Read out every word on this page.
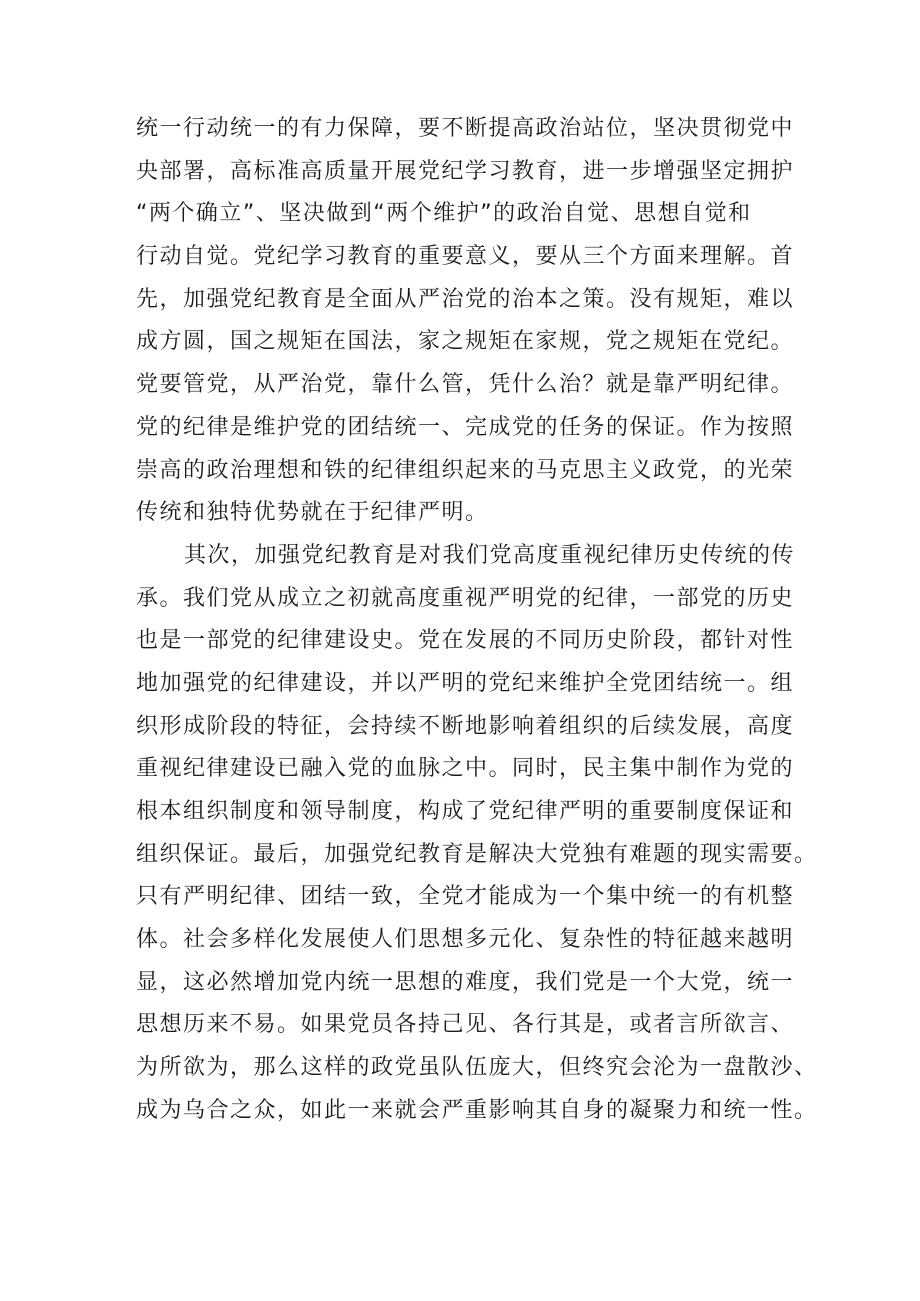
统一行动统一的有力保障，要不断提高政治站位，坚决贯彻党中
央部署，高标准高质量开展党纪学习教育，进一步增强坚定拥护
“两个确立”、坚决做到“两个维护”的政治自觉、思想自觉和
行动自觉。党纪学习教育的重要意义，要从三个方面来理解。首
先，加强党纪教育是全面从严治党的治本之策。没有规矩，难以
成方圆，国之规矩在国法，家之规矩在家规，党之规矩在党纪。
党要管党，从严治党，靠什么管，凭什么治？就是靠严明纪律。
党的纪律是维护党的团结统一、完成党的任务的保证。作为按照
崇高的政治理想和铁的纪律组织起来的马克思主义政党，的光荣
传统和独特优势就在于纪律严明。
其次，加强党纪教育是对我们党高度重视纪律历史传统的传
承。我们党从成立之初就高度重视严明党的纪律，一部党的历史
也是一部党的纪律建设史。党在发展的不同历史阶段，都针对性
地加强党的纪律建设，并以严明的党纪来维护全党团结统一。组
织形成阶段的特征，会持续不断地影响着组织的后续发展，高度
重视纪律建设已融入党的血脉之中。同时，民主集中制作为党的
根本组织制度和领导制度，构成了党纪律严明的重要制度保证和
组织保证。最后，加强党纪教育是解决大党独有难题的现实需要。
只有严明纪律、团结一致，全党才能成为一个集中统一的有机整
体。社会多样化发展使人们思想多元化、复杂性的特征越来越明
显，这必然增加党内统一思想的难度，我们党是一个大党，统一
思想历来不易。如果党员各持己见、各行其是，或者言所欲言、
为所欲为，那么这样的政党虽队伍庞大，但终究会沦为一盘散沙、
成为乌合之众，如此一来就会严重影响其自身的凝聚力和统一性。
